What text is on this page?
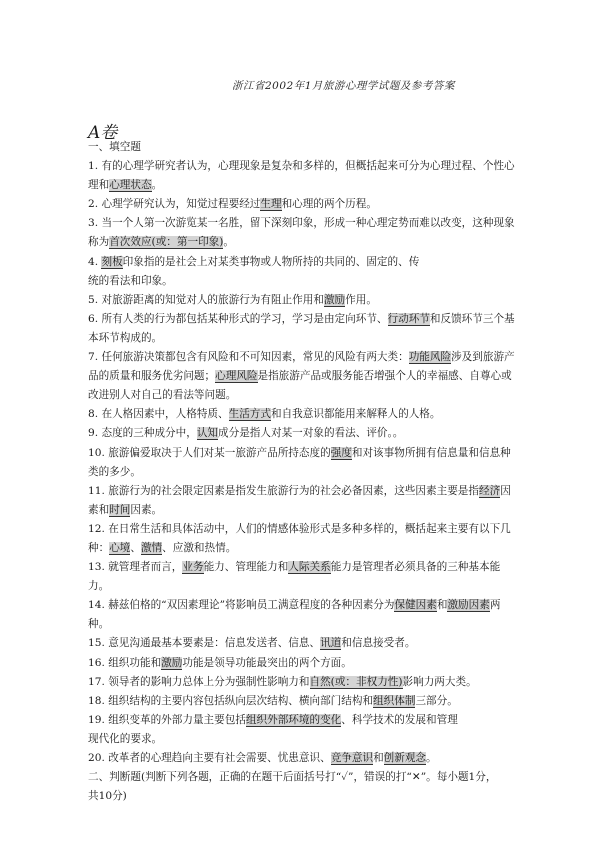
浙江省2002年1月旅游心理学试题及参考答案
A卷
一、填空题
1. 有的心理学研究者认为，心理现象是复杂和多样的，但概括起来可分为心理过程、个性心
理和心理状态。
2. 心理学研究认为，知觉过程要经过生理和心理的两个历程。
3. 当一个人第一次游览某一名胜，留下深刻印象，形成一种心理定势而难以改变，这种现象
称为首次效应(或：第一印象)。
4. 刻板印象指的是社会上对某类事物或人物所持的共同的、固定的、传
统的看法和印象。
5. 对旅游距离的知觉对人的旅游行为有阻止作用和激励作用。
6. 所有人类的行为都包括某种形式的学习，学习是由定向环节、行动环节和反馈环节三个基
本环节构成的。
7. 任何旅游决策都包含有风险和不可知因素，常见的风险有两大类：功能风险涉及到旅游产
品的质量和服务优劣问题；心理风险是指旅游产品或服务能否增强个人的幸福感、自尊心或
改进别人对自己的看法等问题。
8. 在人格因素中，人格特质、生活方式和自我意识都能用来解释人的人格。
9. 态度的三种成分中，认知成分是指人对某一对象的看法、评价。。
10. 旅游偏爱取决于人们对某一旅游产品所持态度的强度和对该事物所拥有信息量和信息种
类的多少。
11. 旅游行为的社会限定因素是指发生旅游行为的社会必备因素，这些因素主要是指经济因
素和时间因素。
12. 在日常生活和具体活动中，人们的情感体验形式是多种多样的，概括起来主要有以下几
种：心境、激情、应激和热情。
13. 就管理者而言，业务能力、管理能力和人际关系能力是管理者必须具备的三种基本能
力。
14. 赫兹伯格的“双因素理论”将影响员工满意程度的各种因素分为保健因素和激励因素两
种。
15. 意见沟通最基本要素是：信息发送者、信息、讯道和信息接受者。
16. 组织功能和激励功能是领导功能最突出的两个方面。
17. 领导者的影响力总体上分为强制性影响力和自然(或：非权力性)影响力两大类。
18. 组织结构的主要内容包括纵向层次结构、横向部门结构和组织体制三部分。
19. 组织变革的外部力量主要包括组织外部环境的变化、科学技术的发展和管理
现代化的要求。
20. 改革者的心理趋向主要有社会需要、忧患意识、竞争意识和创新观念。
二、判断题(判断下列各题，正确的在题干后面括号打“✓”，错误的打“✕”。每小题1分，
共10分)
